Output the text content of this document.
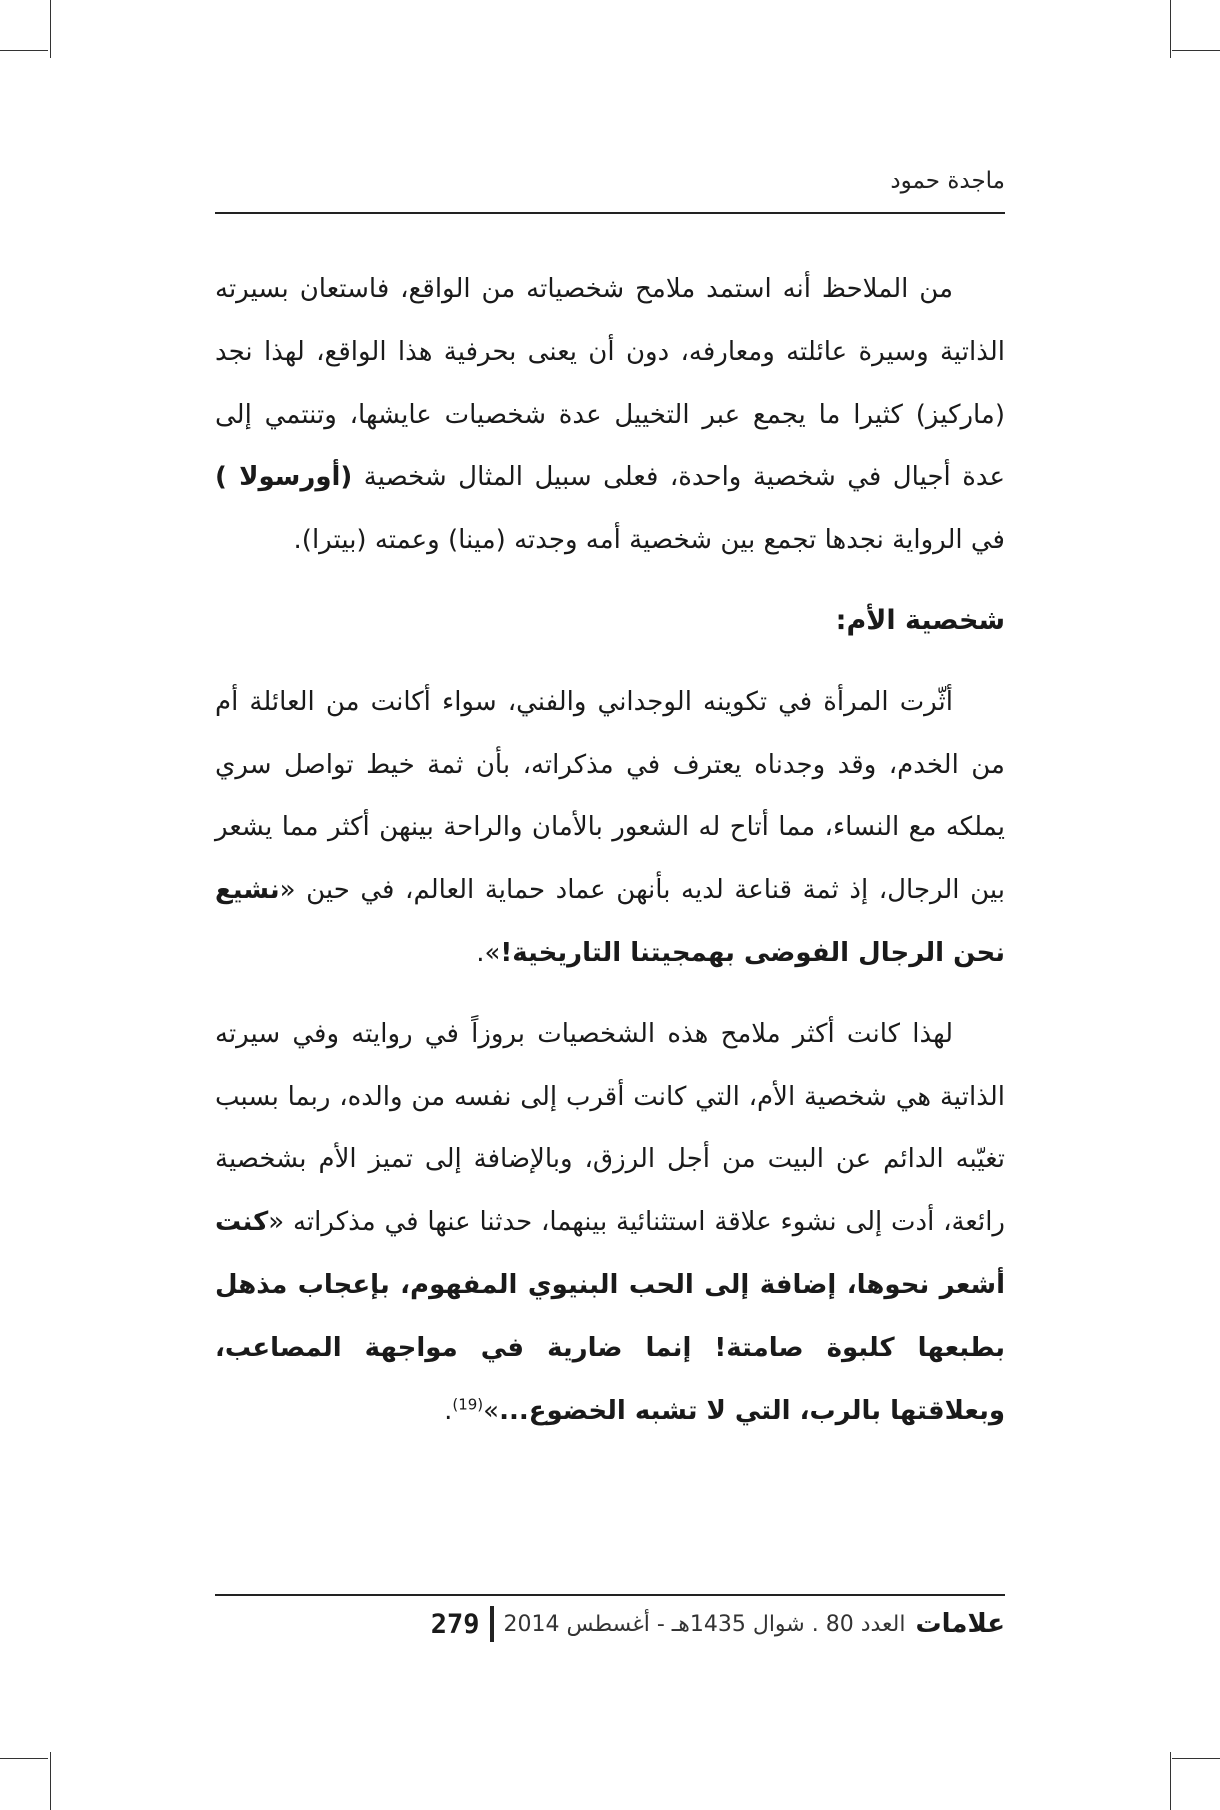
ماجدة حمود

من الملاحظ أنه استمد ملامح شخصياته من الواقع، فاستعان بسيرته الذاتية وسيرة عائلته ومعارفه، دون أن يعنى بحرفية هذا الواقع، لهذا نجد (ماركيز) كثيرا ما يجمع عبر التخييل عدة شخصيات عايشها، وتنتمي إلى عدة أجيال في شخصية واحدة، فعلى سبيل المثال شخصية (أورسولا ) في الرواية نجدها تجمع بين شخصية أمه وجدته (مينا) وعمته (بيترا).

شخصية الأم:

أثّرت المرأة في تكوينه الوجداني والفني، سواء أكانت من العائلة أم من الخدم، وقد وجدناه يعترف في مذكراته، بأن ثمة خيط تواصل سري يملكه مع النساء، مما أتاح له الشعور بالأمان والراحة بينهن أكثر مما يشعر بين الرجال، إذ ثمة قناعة لديه بأنهن عماد حماية العالم، في حين «نشيع نحن الرجال الفوضى بهمجيتنا التاريخية!».

لهذا كانت أكثر ملامح هذه الشخصيات بروزاً في روايته وفي سيرته الذاتية هي شخصية الأم، التي كانت أقرب إلى نفسه من والده، ربما بسبب تغيّبه الدائم عن البيت من أجل الرزق، وبالإضافة إلى تميز الأم بشخصية رائعة، أدت إلى نشوء علاقة استثنائية بينهما، حدثنا عنها في مذكراته «كنت أشعر نحوها، إضافة إلى الحب البنيوي المفهوم، بإعجاب مذهل بطبعها كلبوة صامتة! إنما ضارية في مواجهة المصاعب، وبعلاقتها بالرب، التي لا تشبه الخضوع...»$^{(19)}$.

علامات
العدد 80 . شوال 1435هـ - أغسطس 2014
279
